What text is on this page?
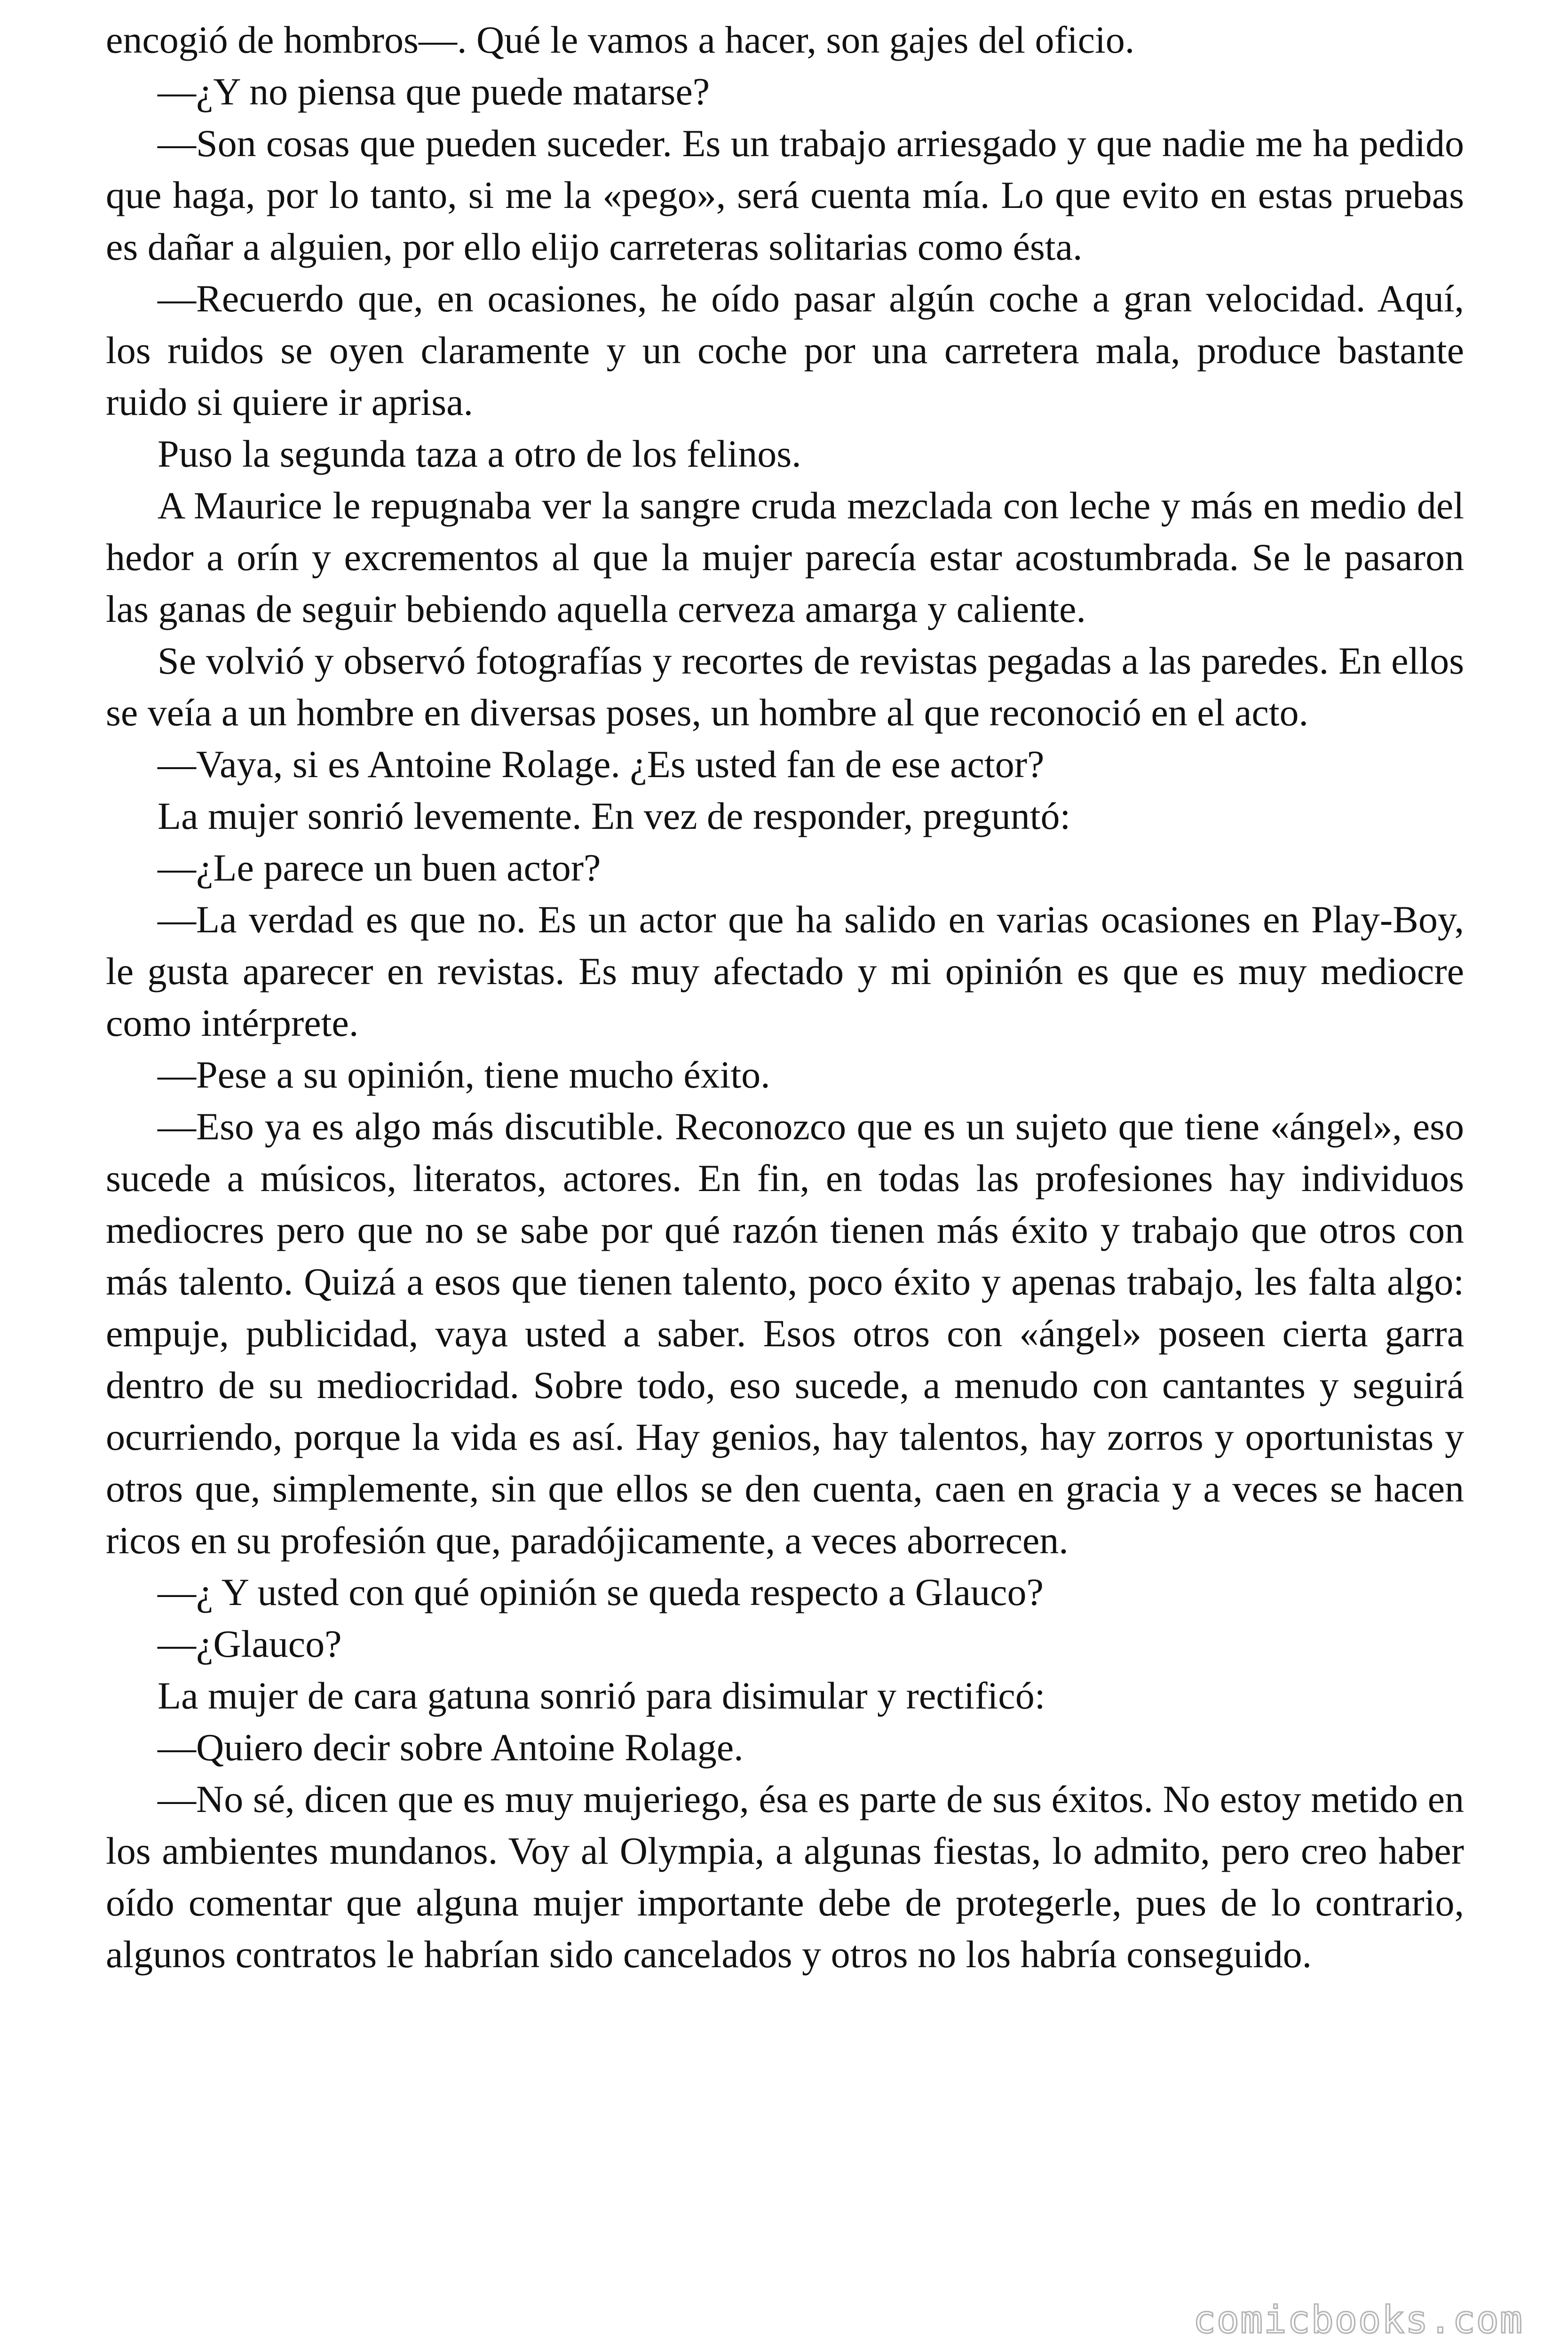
encogió de hombros—. Qué le vamos a hacer, son gajes del oficio.

—¿Y no piensa que puede matarse?

—Son cosas que pueden suceder. Es un trabajo arriesgado y que nadie me ha pedido que haga, por lo tanto, si me la «pego», será cuenta mía. Lo que evito en estas pruebas es dañar a alguien, por ello elijo carreteras solitarias como ésta.

—Recuerdo que, en ocasiones, he oído pasar algún coche a gran velocidad. Aquí, los ruidos se oyen claramente y un coche por una carretera mala, produce bastante ruido si quiere ir aprisa.

Puso la segunda taza a otro de los felinos.

A Maurice le repugnaba ver la sangre cruda mezclada con leche y más en medio del hedor a orín y excrementos al que la mujer parecía estar acostumbrada. Se le pasaron las ganas de seguir bebiendo aquella cerveza amarga y caliente.

Se volvió y observó fotografías y recortes de revistas pegadas a las paredes. En ellos se veía a un hombre en diversas poses, un hombre al que reconoció en el acto.

—Vaya, si es Antoine Rolage. ¿Es usted fan de ese actor?

La mujer sonrió levemente. En vez de responder, preguntó:

—¿Le parece un buen actor?

—La verdad es que no. Es un actor que ha salido en varias ocasiones en Play-Boy, le gusta aparecer en revistas. Es muy afectado y mi opinión es que es muy mediocre como intérprete.

—Pese a su opinión, tiene mucho éxito.

—Eso ya es algo más discutible. Reconozco que es un sujeto que tiene «ángel», eso sucede a músicos, literatos, actores. En fin, en todas las profesiones hay individuos mediocres pero que no se sabe por qué razón tienen más éxito y trabajo que otros con más talento. Quizá a esos que tienen talento, poco éxito y apenas trabajo, les falta algo: empuje, publicidad, vaya usted a saber. Esos otros con «ángel» poseen cierta garra dentro de su mediocridad. Sobre todo, eso sucede, a menudo con cantantes y seguirá ocurriendo, porque la vida es así. Hay genios, hay talentos, hay zorros y oportunistas y otros que, simplemente, sin que ellos se den cuenta, caen en gracia y a veces se hacen ricos en su profesión que, paradójicamente, a veces aborrecen.

—¿ Y usted con qué opinión se queda respecto a Glauco?

—¿Glauco?

La mujer de cara gatuna sonrió para disimular y rectificó:

—Quiero decir sobre Antoine Rolage.

—No sé, dicen que es muy mujeriego, ésa es parte de sus éxitos. No estoy metido en los ambientes mundanos. Voy al Olympia, a algunas fiestas, lo admito, pero creo haber oído comentar que alguna mujer importante debe de protegerle, pues de lo contrario, algunos contratos le habrían sido cancelados y otros no los habría conseguido.

comicbooks.com
